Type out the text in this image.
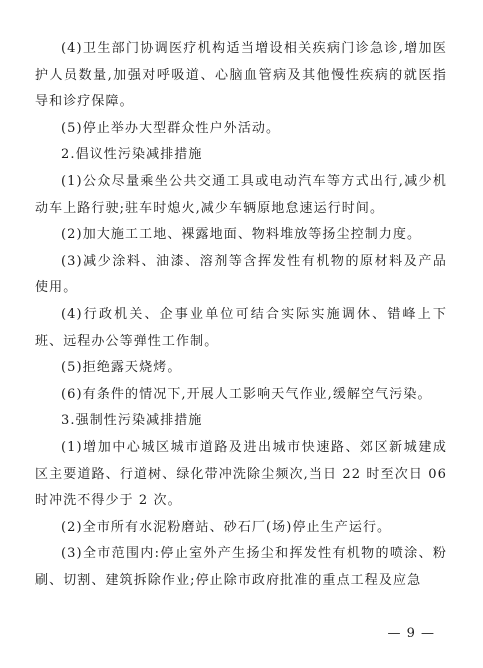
(4)卫生部门协调医疗机构适当增设相关疾病门诊急诊,增加医护人员数量,加强对呼吸道、心脑血管病及其他慢性疾病的就医指导和诊疗保障。

(5)停止举办大型群众性户外活动。

2.倡议性污染减排措施

(1)公众尽量乘坐公共交通工具或电动汽车等方式出行,减少机动车上路行驶;驻车时熄火,减少车辆原地怠速运行时间。

(2)加大施工工地、裸露地面、物料堆放等扬尘控制力度。

(3)减少涂料、油漆、溶剂等含挥发性有机物的原材料及产品使用。

(4)行政机关、企事业单位可结合实际实施调休、错峰上下班、远程办公等弹性工作制。

(5)拒绝露天烧烤。

(6)有条件的情况下,开展人工影响天气作业,缓解空气污染。

3.强制性污染减排措施

(1)增加中心城区城市道路及进出城市快速路、郊区新城建成区主要道路、行道树、绿化带冲洗除尘频次,当日 22 时至次日 06 时冲洗不得少于 2 次。

(2)全市所有水泥粉磨站、砂石厂(场)停止生产运行。

(3)全市范围内:停止室外产生扬尘和挥发性有机物的喷涂、粉刷、切割、建筑拆除作业;停止除市政府批准的重点工程及应急

— 9 —
